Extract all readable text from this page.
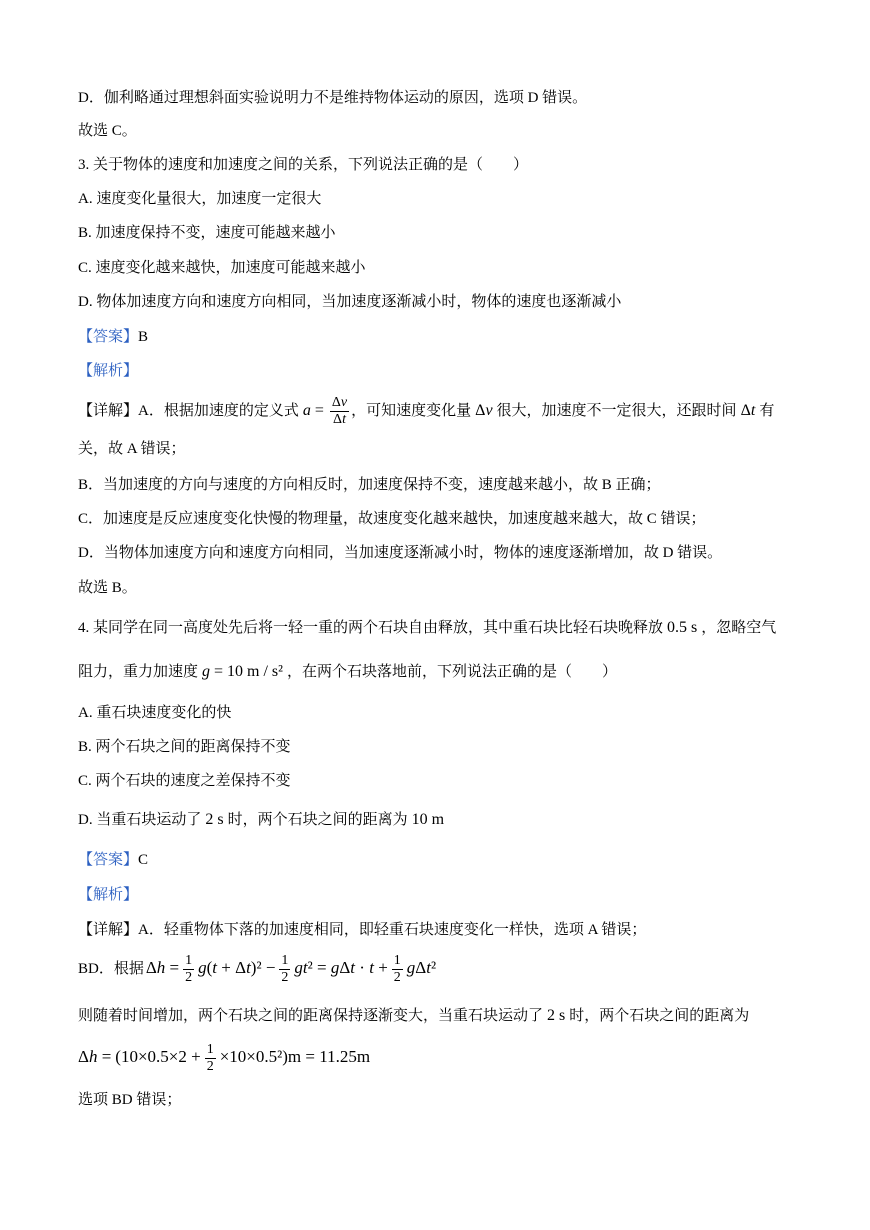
D．伽利略通过理想斜面实验说明力不是维持物体运动的原因，选项 D 错误。
故选 C。
3. 关于物体的速度和加速度之间的关系，下列说法正确的是（　　）
A. 速度变化量很大，加速度一定很大
B. 加速度保持不变，速度可能越来越小
C. 速度变化越来越快，加速度可能越来越小
D. 物体加速度方向和速度方向相同，当加速度逐渐减小时，物体的速度也逐渐减小
【答案】B
【解析】
【详解】A．根据加速度的定义式 $a = \frac{\Delta v}{\Delta t}$ ，可知速度变化量 Δv 很大，加速度不一定很大，还跟时间 Δt 有
关，故 A 错误；
B．当加速度的方向与速度的方向相反时，加速度保持不变，速度越来越小，故 B 正确；
C．加速度是反应速度变化快慢的物理量，故速度变化越来越快，加速度越来越大，故 C 错误；
D．当物体加速度方向和速度方向相同，当加速度逐渐减小时，物体的速度逐渐增加，故 D 错误。
故选 B。
4. 某同学在同一高度处先后将一轻一重的两个石块自由释放，其中重石块比轻石块晚释放 0.5 s ，忽略空气
阻力，重力加速度 g = 10 m / s² ，在两个石块落地前，下列说法正确的是（　　）
A. 重石块速度变化的快
B. 两个石块之间的距离保持不变
C. 两个石块的速度之差保持不变
D. 当重石块运动了 2 s 时，两个石块之间的距离为 10 m
【答案】C
【解析】
【详解】A．轻重物体下落的加速度相同，即轻重石块速度变化一样快，选项 A 错误；
BD．根据 $\Delta h = \frac{1}{2} g(t + \Delta t)^2 - \frac{1}{2} gt^2 = g\Delta t \cdot t + \frac{1}{2} g\Delta t^2$
则随着时间增加，两个石块之间的距离保持逐渐变大，当重石块运动了 2 s 时，两个石块之间的距离为
$\Delta h = (10\times 0.5\times 2 + \frac{1}{2} \times 10\times 0.5^2)m = 11.25m$
选项 BD 错误；
